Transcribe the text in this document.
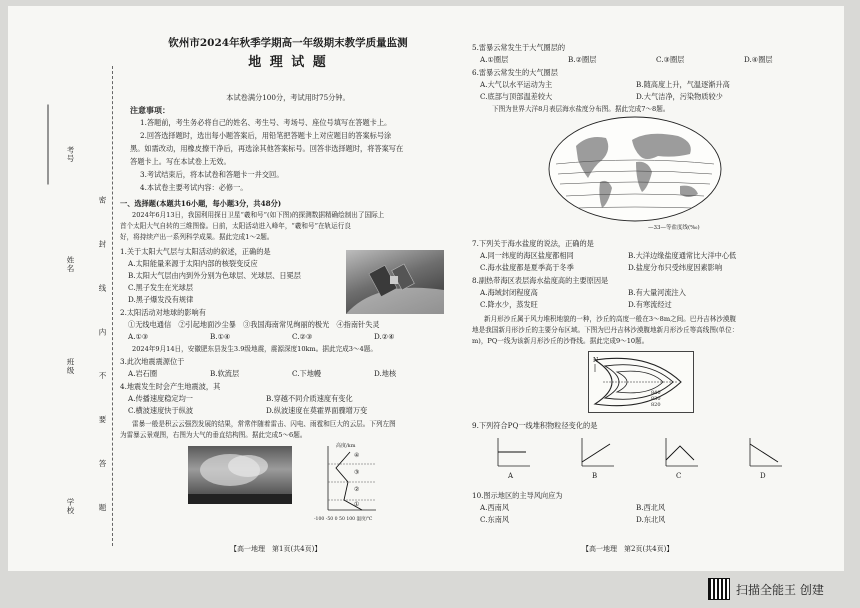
考号
密 封 线 内 不 要 答 题
姓名
班级
学校
钦州市2024年秋季学期高一年级期末教学质量监测
地 理 试 题
本试卷满分100分，考试用时75分钟。
注意事项：
1.答题前，考生务必将自己的姓名、考生号、考场号、座位号填写在答题卡上。
2.回答选择题时，选出每小题答案后，用铅笔把答题卡上对应题目的答案标号涂
黑。如需改动，用橡皮擦干净后，再选涂其他答案标号。回答非选择题时，将答案写在
答题卡上。写在本试卷上无效。
3.考试结束后，将本试卷和答题卡一并交回。
4.本试卷主要考试内容：必修一。
一、选择题(本题共16小题，每小题3分，共48分)
2024年6月13日，我国利用探日卫星“羲和号”(如下图)的探测数据精确绘制出了国际上
首个太阳大气自转的三维图像。日前，太阳活动进入峰年，“羲和号”在轨运行良
好，将持续产出一系列科学成果。据此完成1～2题。
1.关于太阳大气层与太阳活动的叙述，正确的是
A.太阳能量来源于太阳内部的核裂变反应
B.太阳大气层由内到外分别为色球层、光球层、日冕层
C.黑子发生在光球层
D.黑子爆发没有规律
2.太阳活动对地球的影响有
①无线电通信　②引起地面沙尘暴　③我国海南常见绚丽的极光　④指南针失灵
A.①③	B.①④	C.②③	D.②④
2024年9月14日，安徽肥东县发生3.9级地震，震源深度10km。据此完成3～4题。
3.此次地震震源位于
A.岩石圈	B.软流层	C.下地幔	D.地核
4.地震发生时会产生地震波，其
A.传播速度稳定均一	B.穿越不同介质速度有变化
C.横波速度快于纵波	D.纵波速度在莫霍界面骤增万变
雷暴一般是积云云强烈发展的结果，常常伴随着雷击、闪电、雨雹和巨大的云层。下列左图
为雷暴云景观图，右图为大气的垂直结构图。据此完成5～6题。
高度/km
④
③
②
①
-100 -50 0 50 100 温度/℃
【高一地理　第1页(共4页)】
5.雷暴云常发生于大气圈层的
A.①圈层	B.②圈层	C.③圈层	D.④圈层
6.雷暴云常发生的大气圈层
A.大气以水平运动为主	B.随高度上升，气温逐渐升高
C.底部与顶部温差较大	D.大气洁净，污染物质较少
下图为世界大洋8月表层海水盐度分布图。据此完成7～8题。
—33—等盐度线(‰)
7.下列关于海水盐度的说法，正确的是
A.同一纬度的海区盐度都相同	B.大洋边缘盐度通常比大洋中心低
C.海水盐度都是夏季高于冬季	D.盐度分布只受纬度因素影响
8.副热带海区表层海水盐度高的主要原因是
A.海域封闭程度高	B.有大量河流注入
C.降水少，蒸发旺	D.有寒流经过
新月形沙丘属于风力堆积地貌的一种，沙丘的高度一般在3～8m之间。巴丹吉林沙漠腹
地是我国新月形沙丘的主要分布区域。下图为巴丹吉林沙漠腹地新月形沙丘等高线图(单位：
m)，PQ一线为该新月形沙丘的沙脊线。据此完成9～10题。
N
840
830
820
9.下列符合PQ一线堆积物粒径变化的是
A	B	C	D
10.图示地区的主导风向应为
A.西南风	B.西北风
C.东南风	D.东北风
【高一地理　第2页(共4页)】
扫描全能王 创建
